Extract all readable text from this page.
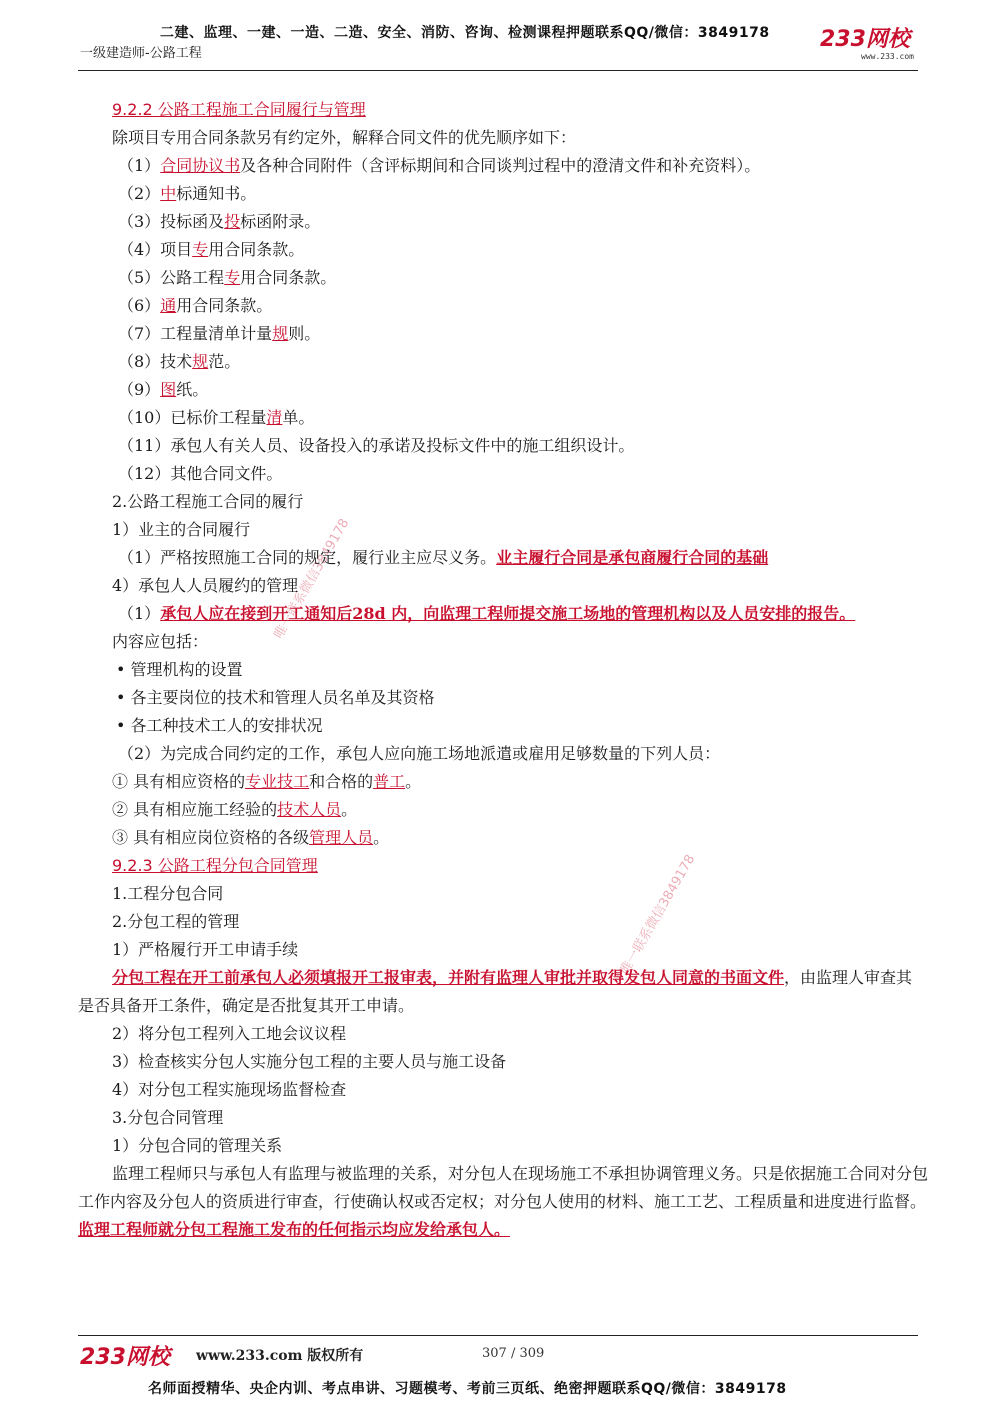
二建、监理、一建、一造、二造、安全、消防、咨询、检测课程押题联系QQ/微信：3849178
一级建造师-公路工程
233网校
www.233.com
唯一联系微信3849178
唯一联系微信3849178
9.2.2 公路工程施工合同履行与管理
除项目专用合同条款另有约定外，解释合同文件的优先顺序如下：
（1）合同协议书及各种合同附件（含评标期间和合同谈判过程中的澄清文件和补充资料）。
（2）中标通知书。
（3）投标函及投标函附录。
（4）项目专用合同条款。
（5）公路工程专用合同条款。
（6）通用合同条款。
（7）工程量清单计量规则。
（8）技术规范。
（9）图纸。
（10）已标价工程量清单。
（11）承包人有关人员、设备投入的承诺及投标文件中的施工组织设计。
（12）其他合同文件。
2.公路工程施工合同的履行
1）业主的合同履行
（1）严格按照施工合同的规定，履行业主应尽义务。业主履行合同是承包商履行合同的基础
4）承包人人员履约的管理
（1）承包人应在接到开工通知后28d 内，向监理工程师提交施工场地的管理机构以及人员安排的报告。
内容应包括：
• 管理机构的设置
• 各主要岗位的技术和管理人员名单及其资格
• 各工种技术工人的安排状况
（2）为完成合同约定的工作，承包人应向施工场地派遣或雇用足够数量的下列人员：
① 具有相应资格的专业技工和合格的普工。
② 具有相应施工经验的技术人员。
③ 具有相应岗位资格的各级管理人员。
9.2.3 公路工程分包合同管理
1.工程分包合同
2.分包工程的管理
1）严格履行开工申请手续
分包工程在开工前承包人必须填报开工报审表，并附有监理人审批并取得发包人同意的书面文件，由监理人审查其是否具备开工条件，确定是否批复其开工申请。
2）将分包工程列入工地会议议程
3）检查核实分包人实施分包工程的主要人员与施工设备
4）对分包工程实施现场监督检查
3.分包合同管理
1）分包合同的管理关系
监理工程师只与承包人有监理与被监理的关系，对分包人在现场施工不承担协调管理义务。只是依据施工合同对分包工作内容及分包人的资质进行审查，行使确认权或否定权；对分包人使用的材料、施工工艺、工程质量和进度进行监督。监理工程师就分包工程施工发布的任何指示均应发给承包人。
233网校 www.233.com 版权所有	307 / 309
名师面授精华、央企内训、考点串讲、习题模考、考前三页纸、绝密押题联系QQ/微信：3849178
